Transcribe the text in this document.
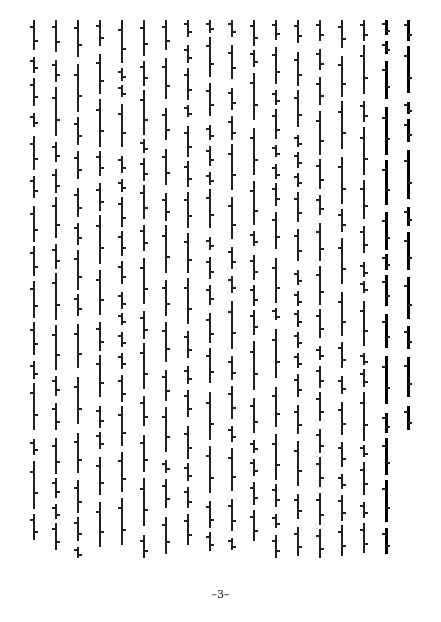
–3–
